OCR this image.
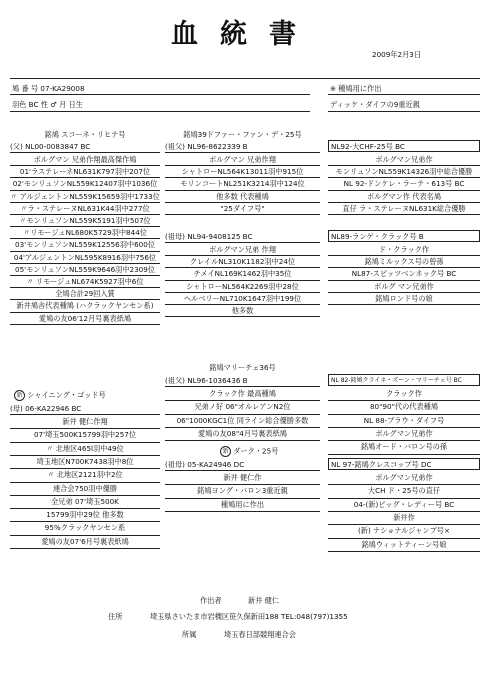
血統書
2009年2月3日
鳩 番 号 07-KA29008	※ 種鳩用に作出
羽色 BC 性 ♂ 月 日生	ディッケ・ダイフの9重近親
銘鳩 スコーネ・リヒテ号
(父) NL00-0083847 BC
ボルグマン 兄弟作翔最高傑作鳩
01'ラステレーネNL631K797羽中207位
02'モンリュソンNL559K12407羽中1036位
〃 アルジェントンNL559K15659羽中1733位
〃ラ・ステレーヌNL631K44羽中277位
〃モンリュソンNL559K5191羽中507位
〃リモージュNL680K5729羽中844位
03'モンリュソンNL559K12556羽中600位
04'アルジェントンNL595K8916羽中756位
05'モンリュソンNL559K9646羽中2309位
〃 リモージュNL674K5927羽中6位
全鳩合計29回入賞
新井鳩舎代表種鳩 (ハクラックヤンセン系)
愛鳩の友06'12月号裏表紙鳩
銘鳩39ドファー・ファン・デ・25号
(祖父) NL96-8622339 B
ボルグマン 兄弟作翔
シャトローNL564K13011羽中915位
モリンコートNL251K3214羽中124位
他多数 代表種鳩
"25ダイフ号"
(祖母) NL94-9408125 BC
ボルグマン兄弟 作翔
クレイルNL310K1182羽中24位
チメイNL169K1462羽中35位
シャトローNL564K2269羽中28位
ヘルベリーNL710K1647羽中199位
他多数
NL92-大CHF-25号 BC
ボルグマン兄弟作
モンリュソンNL559K14326羽中総合優勝
NL 92-ドンケレ・ラーテ・613号 BC
ボルグマン作 代表名鳩
直仔 ラ・ステレーヌNL631K総合優勝
NL89-ランゲ・クラック号 B
ド・クラック作
銘鳩ミルックス号の曾孫
NL87-スピッツベンネック号 BC
ボルグ マン兄弟作
銘鳩ロンド号の娘
新 シャイニング・ゴッド号
(母) 06-KA22946 BC
新井 健仁作翔
07'埼玉500K15799羽中257位
〃 北地区465l羽中49位
埼玉地区N700K7438羽中8位
〃 北地区2121羽中2位
連合会750羽中優勝
全兄弟 07'埼玉500K
15799羽中29位 他多数
95%クラックヤンセン系
愛鳩の友07'6月号裏表紙鳩
銘鳩マリーチェ36号
(祖父) NL96-1036436 B
クラック作 最高種鳩
兄弟ノ好 06"オルレアンN2位
06"1000KGC1位 同ライン総合優勝多数
愛鳩の友08"4月号裏表紙鳩
新 ダーク・25号
(祖母) 05-KA24946 DC
新井 健仁作
銘鳩ヨング・バロン3重近親
種鳩用に作出
NL 82-銘鳩クライネ・ズーン・マリーチェ号 BC
クラック作
80"90"代の代表種鳩
NL 88-ブラウ・ダイフ号
ボルグマン兄弟作
銘鳩オード・バロン号の孫
NL 97-銘鳩クレスコップ号 DC
ボルグマン兄弟作
大CH ド・25号の直仔
04-(新)ビッグ・レディー号 BC
新井作
(新) ナショナルジャンプ号×
銘鳩ウィットティーン号娘
作出者	新井 健仁
住所	埼玉県さいたま市岩槻区笹久保新田188 TEL:048(797)1355
所属	埼玉春日部競翔連合会
